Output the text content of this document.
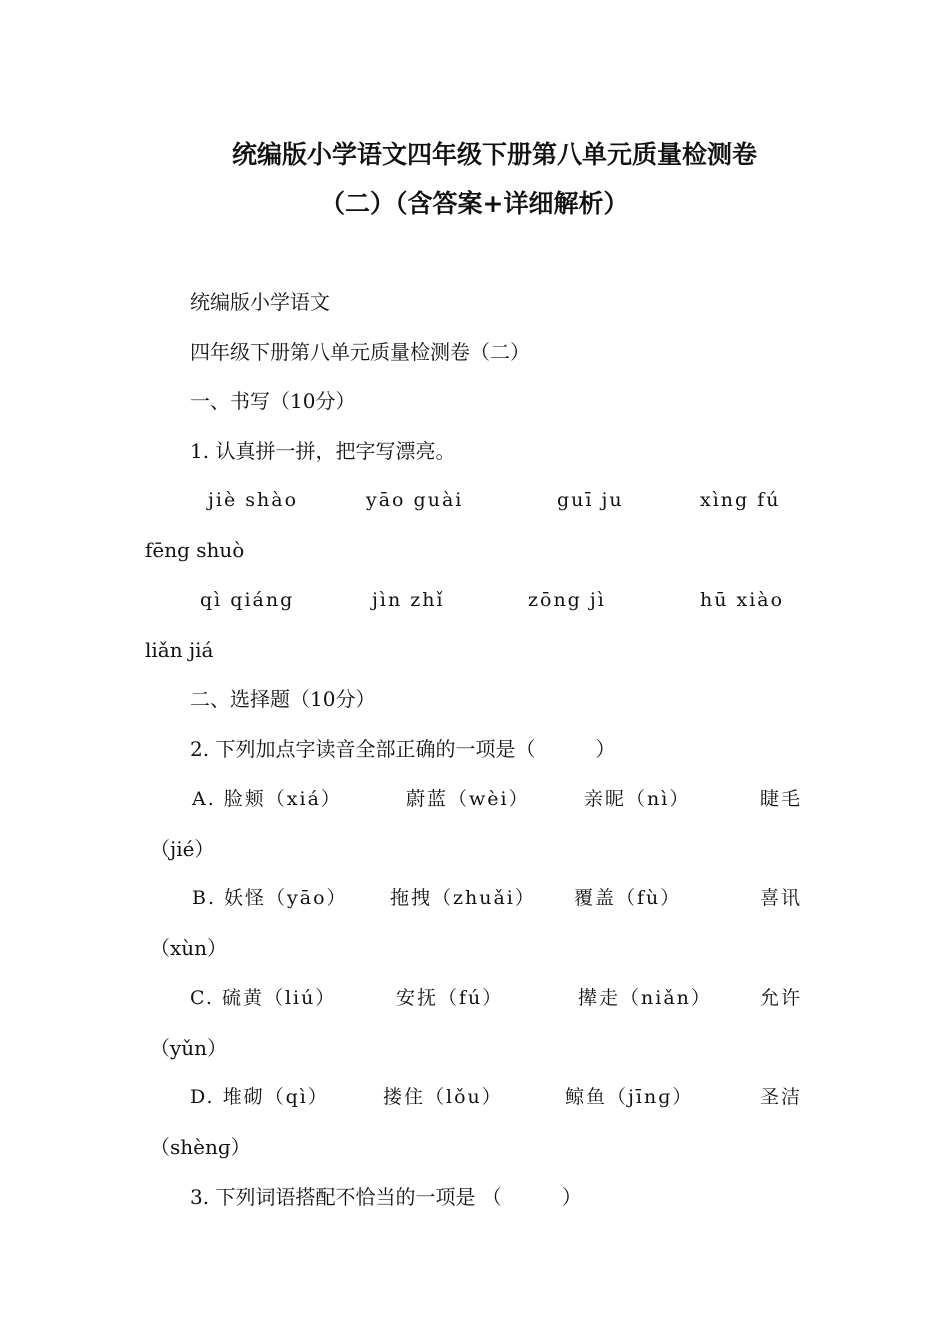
统编版小学语文四年级下册第八单元质量检测卷
（二）（含答案+详细解析）
统编版小学语文
四年级下册第八单元质量检测卷（二）
一、书写（10分）
1. 认真拼一拼，把字写漂亮。
jiè shào	yāo guài	guī ju	xìng fú
fēng shuò
qì qiáng	jìn zhǐ	zōng jì	hū xiào
liǎn jiá
二、选择题（10分）
2. 下列加点字读音全部正确的一项是（　　　）
A. 脸颊（xiá）	蔚蓝（wèi）	亲昵（nì）	睫毛
（jié）
B. 妖怪（yāo） 拖拽（zhuǎi） 覆盖（fù）	喜讯
（xùn）
C. 硫黄（liú）	安抚（fú）	撵走（niǎn）	允许
（yǔn）
D. 堆砌（qì）	搂住（lǒu）	鲸鱼（jīnɡ）	圣洁
（shènɡ）
3. 下列词语搭配不恰当的一项是 （　　　）
